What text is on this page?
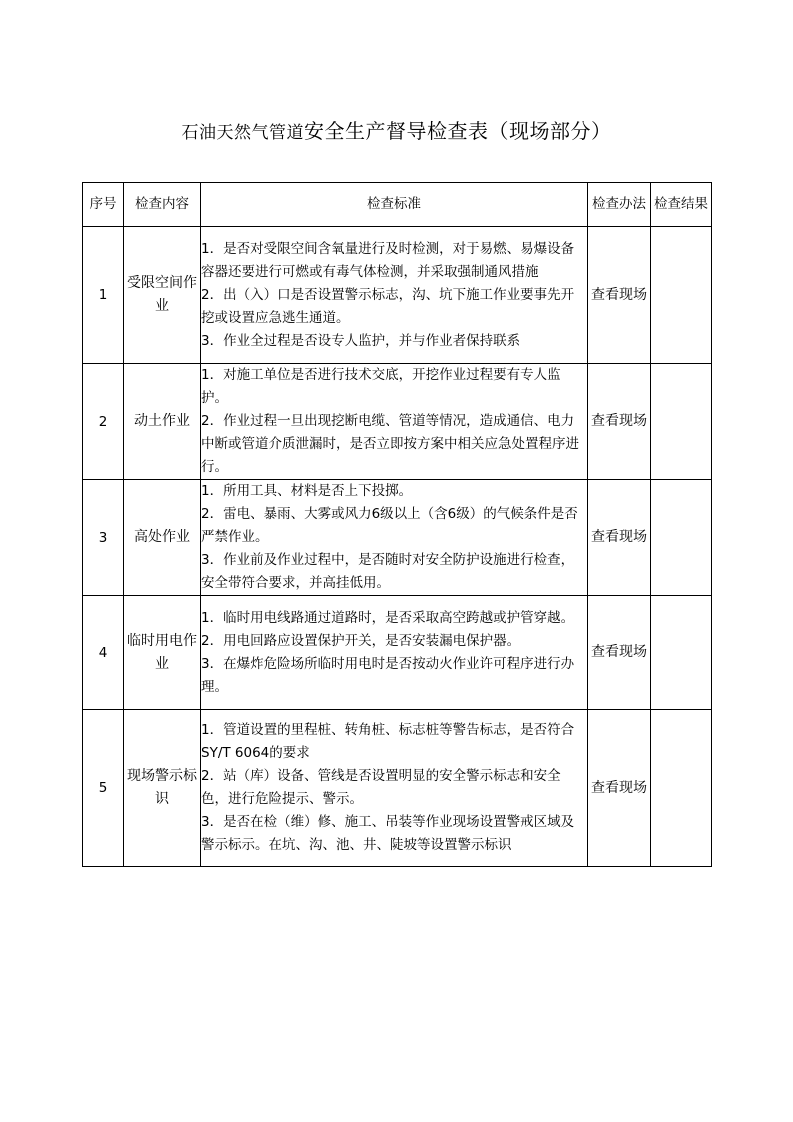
石油天然气管道安全生产督导检查表（现场部分）
序号	检查内容	检查标准	检查办法	检查结果
1	受限空间作业	1．是否对受限空间含氧量进行及时检测，对于易燃、易爆设备容器还要进行可燃或有毒气体检测，并采取强制通风措施
2．出（入）口是否设置警示标志，沟、坑下施工作业要事先开挖或设置应急逃生通道。
3．作业全过程是否设专人监护，并与作业者保持联系	查看现场	
2	动土作业	1．对施工单位是否进行技术交底，开挖作业过程要有专人监护。
2．作业过程一旦出现挖断电缆、管道等情况，造成通信、电力中断或管道介质泄漏时，是否立即按方案中相关应急处置程序进行。	查看现场	
3	高处作业	1．所用工具、材料是否上下投掷。
2．雷电、暴雨、大雾或风力6级以上（含6级）的气候条件是否严禁作业。
3．作业前及作业过程中，是否随时对安全防护设施进行检查，安全带符合要求，并高挂低用。	查看现场	
4	临时用电作业	1．临时用电线路通过道路时，是否采取高空跨越或护管穿越。
2．用电回路应设置保护开关，是否安装漏电保护器。
3．在爆炸危险场所临时用电时是否按动火作业许可程序进行办理。	查看现场	
5	现场警示标识	1．管道设置的里程桩、转角桩、标志桩等警告标志，是否符合 SY/T 6064的要求
2．站（库）设备、管线是否设置明显的安全警示标志和安全色，进行危险提示、警示。
3．是否在检（维）修、施工、吊装等作业现场设置警戒区域及警示标示。在坑、沟、池、井、陡坡等设置警示标识	查看现场	
